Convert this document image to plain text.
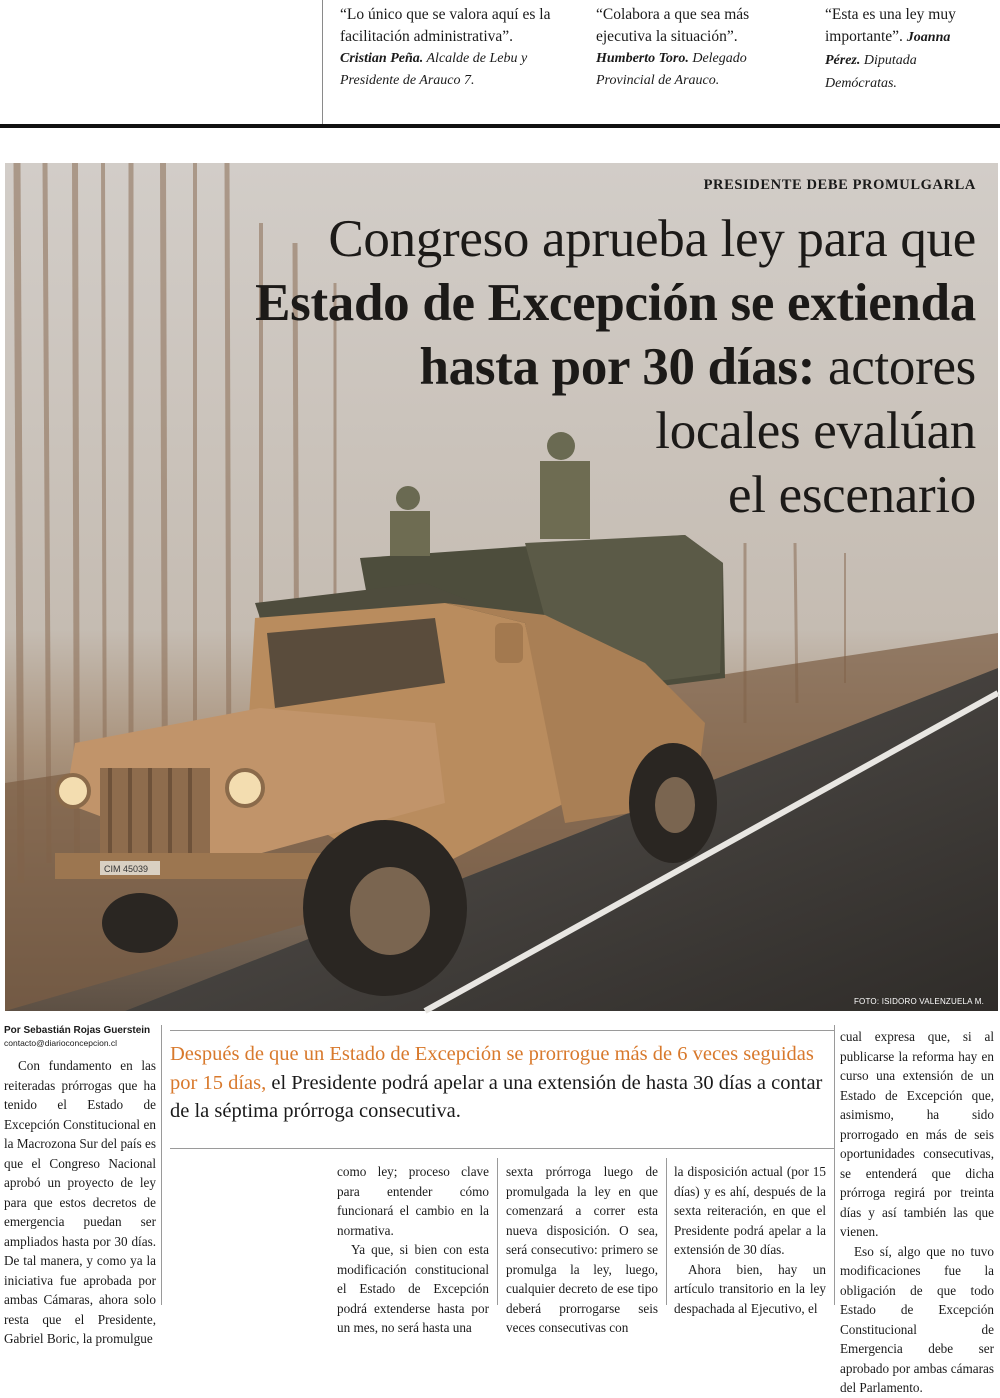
“Lo único que se valora aquí es la facilitación administrativa”.
Cristian Peña. Alcalde de Lebu y Presidente de Arauco 7.
“Colabora a que sea más ejecutiva la situación”.
Humberto Toro. Delegado Provincial de Arauco.
“Esta es una ley muy importante”. Joanna Pérez. Diputada Demócratas.
CIM 45039
PRESIDENTE DEBE PROMULGARLA
Congreso aprueba ley para que
Estado de Excepción se extienda
hasta por 30 días: actores
locales evalúan
el escenario
FOTO: ISIDORO VALENZUELA M.
Por Sebastián Rojas Guerstein
contacto@diarioconcepcion.cl

Con fundamento en las reiteradas prórrogas que ha tenido el Estado de Excepción Constitucional en la Macrozona Sur del país es que el Congreso Nacional aprobó un proyecto de ley para que estos decretos de emergencia puedan ser ampliados hasta por 30 días. De tal manera, y como ya la iniciativa fue aprobada por ambas Cámaras, ahora solo resta que el Presidente, Gabriel Boric, la promulgue

Después de que un Estado de Excepción se prorrogue más de 6 veces seguidas por 15 días, el Presidente podrá apelar a una extensión de hasta 30 días a contar de la séptima prórroga consecutiva.

como ley; proceso clave para entender cómo funcionará el cambio en la normativa.

Ya que, si bien con esta modificación constitucional el Estado de Excepción podrá extenderse hasta por un mes, no será hasta una

sexta prórroga luego de promulgada la ley en que comenzará a correr esta nueva disposición. O sea, será consecutivo: primero se promulga la ley, luego, cualquier decreto de ese tipo deberá prorrogarse seis veces consecutivas con

la disposición actual (por 15 días) y es ahí, después de la sexta reiteración, en que el Presidente podrá apelar a la extensión de 30 días.

Ahora bien, hay un artículo transitorio en la ley despachada al Ejecutivo, el

cual expresa que, si al publicarse la reforma hay en curso una extensión de un Estado de Excepción que, asimismo, ha sido prorrogado en más de seis oportunidades consecutivas, se entenderá que dicha prórroga regirá por treinta días y así también las que vienen.

Eso sí, algo que no tuvo modificaciones fue la obligación de que todo Estado de Excepción Constitucional de Emergencia debe ser aprobado por ambas cámaras del Parlamento.
